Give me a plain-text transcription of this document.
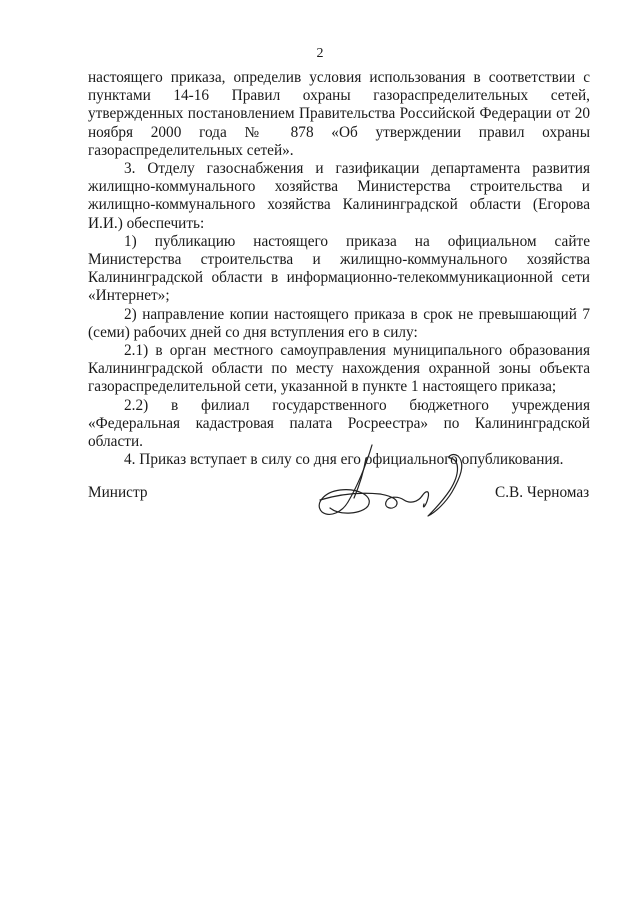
2

настоящего приказа, определив условия использования в соответствии с пунктами 14-16 Правил охраны газораспределительных сетей, утвержденных постановлением Правительства Российской Федерации от 20 ноября 2000 года № 878 «Об утверждении правил охраны газораспределительных сетей».

3. Отделу газоснабжения и газификации департамента развития жилищно-коммунального хозяйства Министерства строительства и жилищно-коммунального хозяйства Калининградской области (Егорова И.И.) обеспечить:

1) публикацию настоящего приказа на официальном сайте Министерства строительства и жилищно-коммунального хозяйства Калининградской области в информационно-телекоммуникационной сети «Интернет»;

2) направление копии настоящего приказа в срок не превышающий 7 (семи) рабочих дней со дня вступления его в силу:

2.1) в орган местного самоуправления муниципального образования Калининградской области по месту нахождения охранной зоны объекта газораспределительной сети, указанной в пункте 1 настоящего приказа;

2.2) в филиал государственного бюджетного учреждения «Федеральная кадастровая палата Росреестра» по Калининградской области.

4. Приказ вступает в силу со дня его официального опубликования.

Министр	С.В. Черномаз
